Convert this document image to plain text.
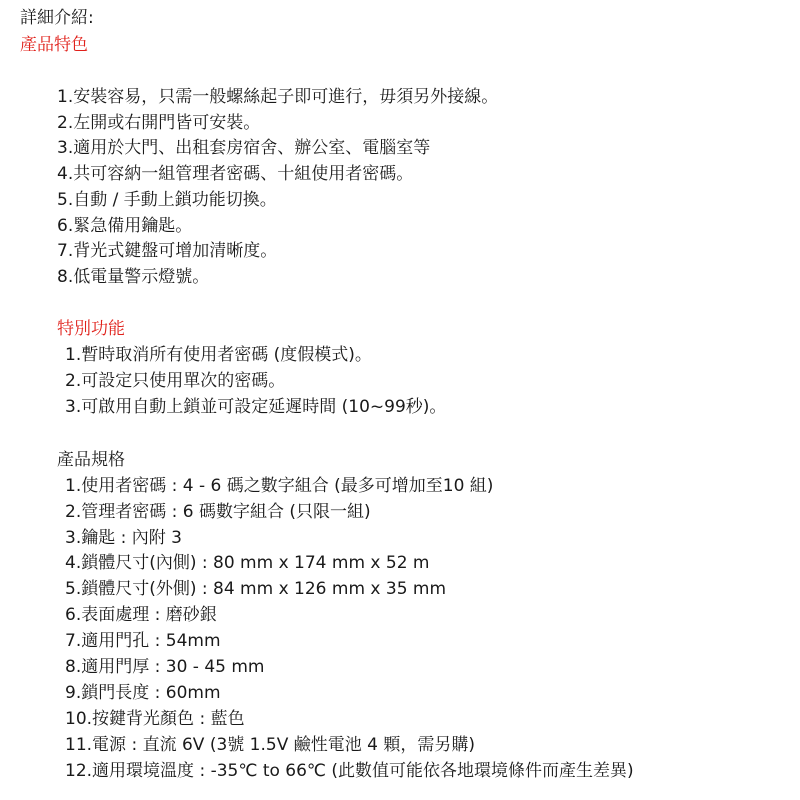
詳細介紹:
產品特色
1.安裝容易，只需一般螺絲起子即可進行，毋須另外接線。
2.左開或右開門皆可安裝。
3.適用於大門、出租套房宿舍、辦公室、電腦室等
4.共可容納一組管理者密碼、十組使用者密碼。
5.自動 / 手動上鎖功能切換。
6.緊急備用鑰匙。
7.背光式鍵盤可增加清晰度。
8.低電量警示燈號。
特別功能
1.暫時取消所有使用者密碼 (度假模式)。
2.可設定只使用單次的密碼。
3.可啟用自動上鎖並可設定延遲時間 (10~99秒)。
產品規格
1.使用者密碼 : 4 - 6 碼之數字組合 (最多可增加至10 組)
2.管理者密碼 : 6 碼數字組合 (只限一組)
3.鑰匙 : 內附 3
4.鎖體尺寸(內側) : 80 mm x 174 mm x 52 m
5.鎖體尺寸(外側) : 84 mm x 126 mm x 35 mm
6.表面處理 : 磨砂銀
7.適用門孔 : 54mm
8.適用門厚 : 30 - 45 mm
9.鎖門長度 : 60mm
10.按鍵背光顏色 : 藍色
11.電源 : 直流 6V (3號 1.5V 鹼性電池 4 顆，需另購)
12.適用環境溫度 : -35℃ to 66℃ (此數值可能依各地環境條件而產生差異)
